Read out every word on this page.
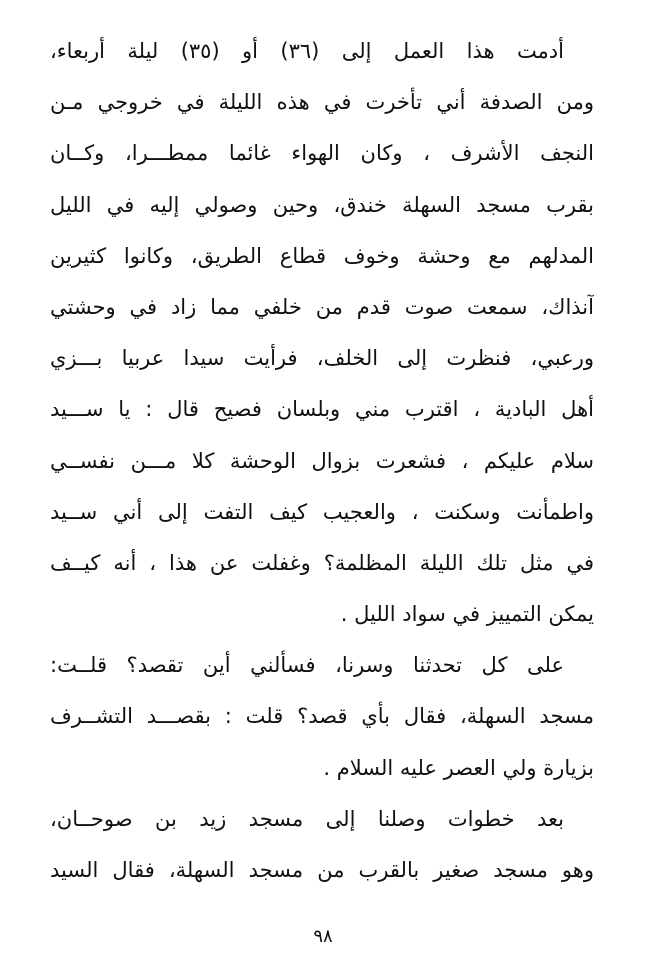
أدمت هذا العمل إلى (٣٦) أو (٣٥) ليلة أربعاء،
ومن الصدفة أني تأخرت في هذه الليلة في خروجي مـن
النجف الأشرف ، وكان الهواء غائما ممطـــرا، وكــان
بقرب مسجد السهلة خندق، وحين وصولي إليه في الليل
المدلهم مع وحشة وخوف قطاع الطريق، وكانوا كثيرين
آنذاك، سمعت صوت قدم من خلفي مما زاد في وحشتي
ورعبي، فنظرت إلى الخلف، فرأيت سيدا عربيا بـــزي
أهل البادية ، اقترب مني وبلسان فصيح قال : يا ســـيد
سلام عليكم ، فشعرت بزوال الوحشة كلا مـــن نفســي
واطمأنت وسكنت ، والعجيب كيف التفت إلى أني ســيد
في مثل تلك الليلة المظلمة؟ وغفلت عن هذا ، أنه كيــف
يمكن التمييز في سواد الليل .
على كل تحدثنا وسرنا، فسألني أين تقصد؟ قلــت:
مسجد السهلة، فقال بأي قصد؟ قلت : بقصـــد التشــرف
بزيارة ولي العصر عليه السلام .
بعد خطوات وصلنا إلى مسجد زيد بن صوحــان،
وهو مسجد صغير بالقرب من مسجد السهلة، فقال السيد
٩٨
